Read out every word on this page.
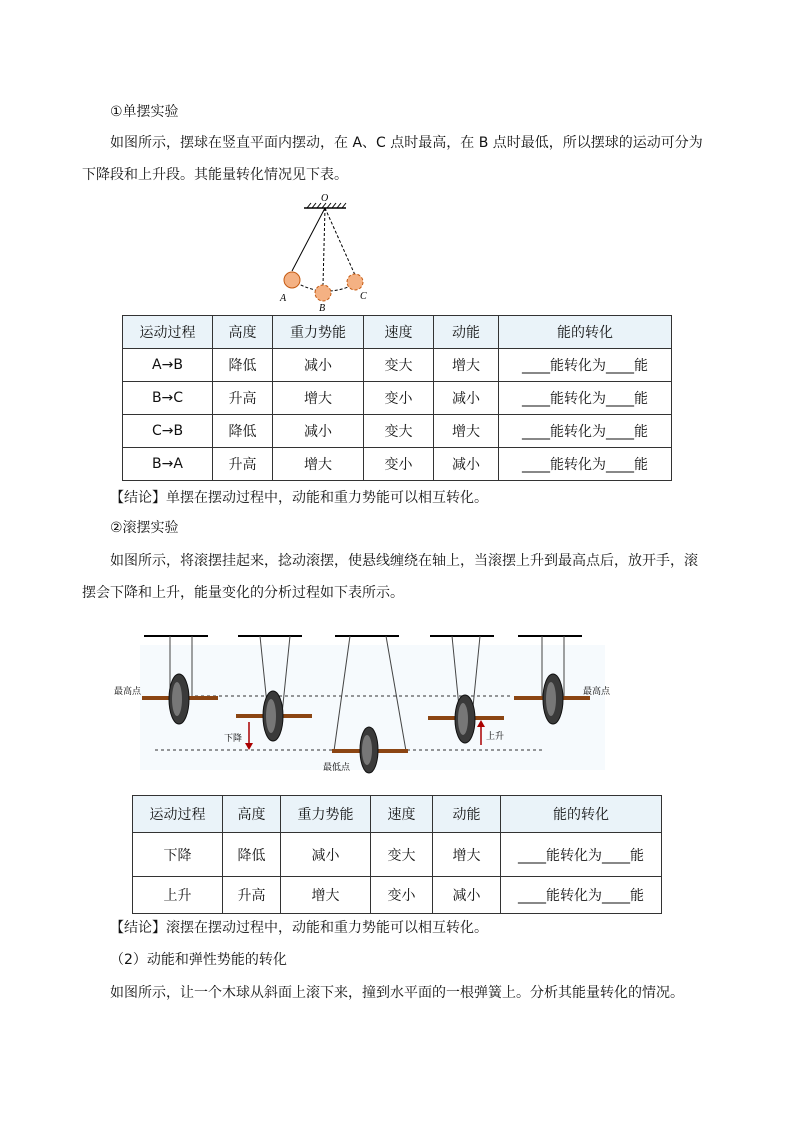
①单摆实验

如图所示，摆球在竖直平面内摆动，在 A、C 点时最高，在 B 点时最低，所以摆球的运动可分为下降段和上升段。其能量转化情况见下表。

O
A
B
C
运动过程	高度	重力势能	速度	动能	能的转化
A→B	降低	减小	变大	增大	____能转化为____能
B→C	升高	增大	变小	减小	____能转化为____能
C→B	降低	减小	变大	增大	____能转化为____能
B→A	升高	增大	变小	减小	____能转化为____能
【结论】单摆在摆动过程中，动能和重力势能可以相互转化。
②滚摆实验

如图所示，将滚摆挂起来，捻动滚摆，使悬线缠绕在轴上，当滚摆上升到最高点后，放开手，滚摆会下降和上升，能量变化的分析过程如下表所示。

最高点
下降
最低点
上升
最高点
运动过程	高度	重力势能	速度	动能	能的转化
下降	降低	减小	变大	增大	____能转化为____能
上升	升高	增大	变小	减小	____能转化为____能
【结论】滚摆在摆动过程中，动能和重力势能可以相互转化。
（2）动能和弹性势能的转化
如图所示，让一个木球从斜面上滚下来，撞到水平面的一根弹簧上。分析其能量转化的情况。
